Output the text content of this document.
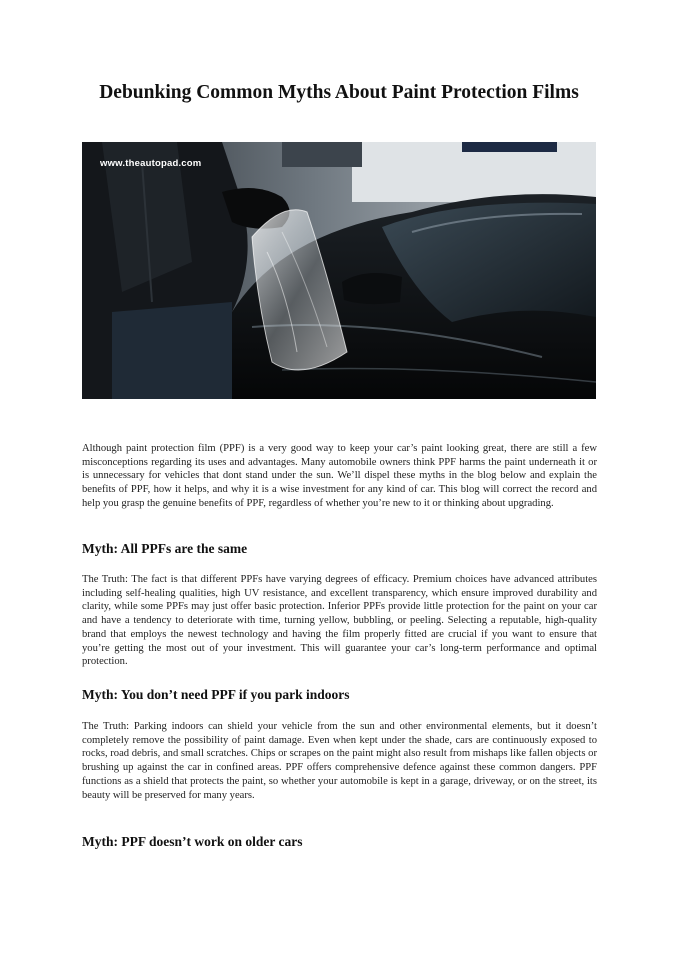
Debunking Common Myths About Paint Protection Films
www.theautopad.com

Although paint protection film (PPF) is a very good way to keep your car’s paint looking great, there are still a few misconceptions regarding its uses and advantages. Many automobile owners think PPF harms the paint underneath it or is unnecessary for vehicles that dont stand under the sun. We’ll dispel these myths in the blog below and explain the benefits of PPF, how it helps, and why it is a wise investment for any kind of car. This blog will correct the record and help you grasp the genuine benefits of PPF, regardless of whether you’re new to it or thinking about upgrading.

Myth: All PPFs are the same

The Truth: The fact is that different PPFs have varying degrees of efficacy. Premium choices have advanced attributes including self-healing qualities, high UV resistance, and excellent transparency, which ensure improved durability and clarity, while some PPFs may just offer basic protection. Inferior PPFs provide little protection for the paint on your car and have a tendency to deteriorate with time, turning yellow, bubbling, or peeling. Selecting a reputable, high-quality brand that employs the newest technology and having the film properly fitted are crucial if you want to ensure that you’re getting the most out of your investment. This will guarantee your car’s long-term performance and optimal protection.

Myth: You don’t need PPF if you park indoors

The Truth: Parking indoors can shield your vehicle from the sun and other environmental elements, but it doesn’t completely remove the possibility of paint damage. Even when kept under the shade, cars are continuously exposed to rocks, road debris, and small scratches. Chips or scrapes on the paint might also result from mishaps like fallen objects or brushing up against the car in confined areas. PPF offers comprehensive defence against these common dangers. PPF functions as a shield that protects the paint, so whether your automobile is kept in a garage, driveway, or on the street, its beauty will be preserved for many years.

Myth: PPF doesn’t work on older cars
